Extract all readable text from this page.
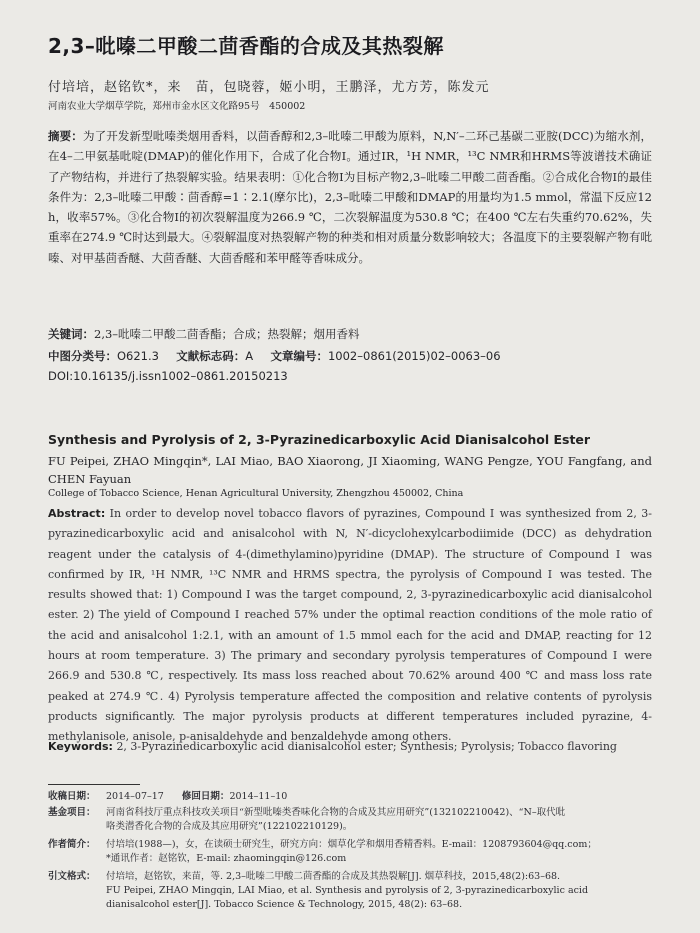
2,3–吡嗪二甲酸二茴香酯的合成及其热裂解
付培培，赵铭钦*，来　苗，包晓蓉，姬小明，王鹏泽，尤方芳，陈发元
河南农业大学烟草学院，郑州市金水区文化路95号　450002
摘要：为了开发新型吡嗪类烟用香料，以茴香醇和2,3–吡嗪二甲酸为原料，N,N′–二环己基碳二亚胺(DCC)为缩水剂，在4–二甲氨基吡啶(DMAP)的催化作用下，合成了化合物Ⅰ。通过IR，¹H NMR，¹³C NMR和HRMS等波谱技术确证了产物结构，并进行了热裂解实验。结果表明：①化合物Ⅰ为目标产物2,3–吡嗪二甲酸二茴香酯。②合成化合物Ⅰ的最佳条件为：2,3–吡嗪二甲酸∶茴香醇=1∶2.1(摩尔比)，2,3–吡嗪二甲酸和DMAP的用量均为1.5 mmol，常温下反应12 h，收率57%。③化合物Ⅰ的初次裂解温度为266.9 ℃，二次裂解温度为530.8 ℃；在400 ℃左右失重约70.62%，失重率在274.9 ℃时达到最大。④裂解温度对热裂解产物的种类和相对质量分数影响较大；各温度下的主要裂解产物有吡嗪、对甲基茴香醚、大茴香醚、大茴香醛和苯甲醛等香味成分。
关键词：2,3–吡嗪二甲酸二茴香酯；合成；热裂解；烟用香料
中图分类号：O621.3 文献标志码：A 文章编号：1002–0861(2015)02–0063–06
DOI:10.16135/j.issn1002–0861.20150213
Synthesis and Pyrolysis of 2, 3-Pyrazinedicarboxylic Acid Dianisalcohol Ester
FU Peipei, ZHAO Mingqin*, LAI Miao, BAO Xiaorong, JI Xiaoming, WANG Pengze, YOU Fangfang, and CHEN Fayuan
College of Tobacco Science, Henan Agricultural University, Zhengzhou 450002, China
Abstract: In order to develop novel tobacco flavors of pyrazines, Compound Ⅰ was synthesized from 2, 3-pyrazinedicarboxylic acid and anisalcohol with N, N′-dicyclohexylcarbodiimide (DCC) as dehydration reagent under the catalysis of 4-(dimethylamino)pyridine (DMAP). The structure of Compound Ⅰ was confirmed by IR, ¹H NMR, ¹³C NMR and HRMS spectra, the pyrolysis of Compound Ⅰ was tested. The results showed that: 1) Compound Ⅰ was the target compound, 2, 3-pyrazinedicarboxylic acid dianisalcohol ester. 2) The yield of Compound Ⅰ reached 57% under the optimal reaction conditions of the mole ratio of the acid and anisalcohol 1:2.1, with an amount of 1.5 mmol each for the acid and DMAP, reacting for 12 hours at room temperature. 3) The primary and secondary pyrolysis temperatures of Compound Ⅰ were 266.9 and 530.8 ℃, respectively. Its mass loss reached about 70.62% around 400 ℃ and mass loss rate peaked at 274.9 ℃. 4) Pyrolysis temperature affected the composition and relative contents of pyrolysis products significantly. The major pyrolysis products at different temperatures included pyrazine, 4-methylanisole, anisole, p-anisaldehyde and benzaldehyde among others.
Keywords: 2, 3-Pyrazinedicarboxylic acid dianisalcohol ester; Synthesis; Pyrolysis; Tobacco flavoring
收稿日期： 2014–07–17 修回日期：2014–11–10
基金项目： 河南省科技厅重点科技攻关项目“新型吡嗪类香味化合物的合成及其应用研究”(132102210042)、“N–取代吡
咯类潜香化合物的合成及其应用研究”(122102210129)。
作者简介： 付培培(1988—)，女，在读硕士研究生，研究方向：烟草化学和烟用香精香料。E-mail：1208793604@qq.com；
*通讯作者：赵铭钦，E-mail: zhaomingqin@126.com
引文格式： 付培培，赵铭钦，来苗，等. 2,3–吡嗪二甲酸二茴香酯的合成及其热裂解[J]. 烟草科技，2015,48(2):63–68.
FU Peipei, ZHAO Mingqin, LAI Miao, et al. Synthesis and pyrolysis of 2, 3-pyrazinedicarboxylic acid
dianisalcohol ester[J]. Tobacco Science & Technology, 2015, 48(2): 63–68.
